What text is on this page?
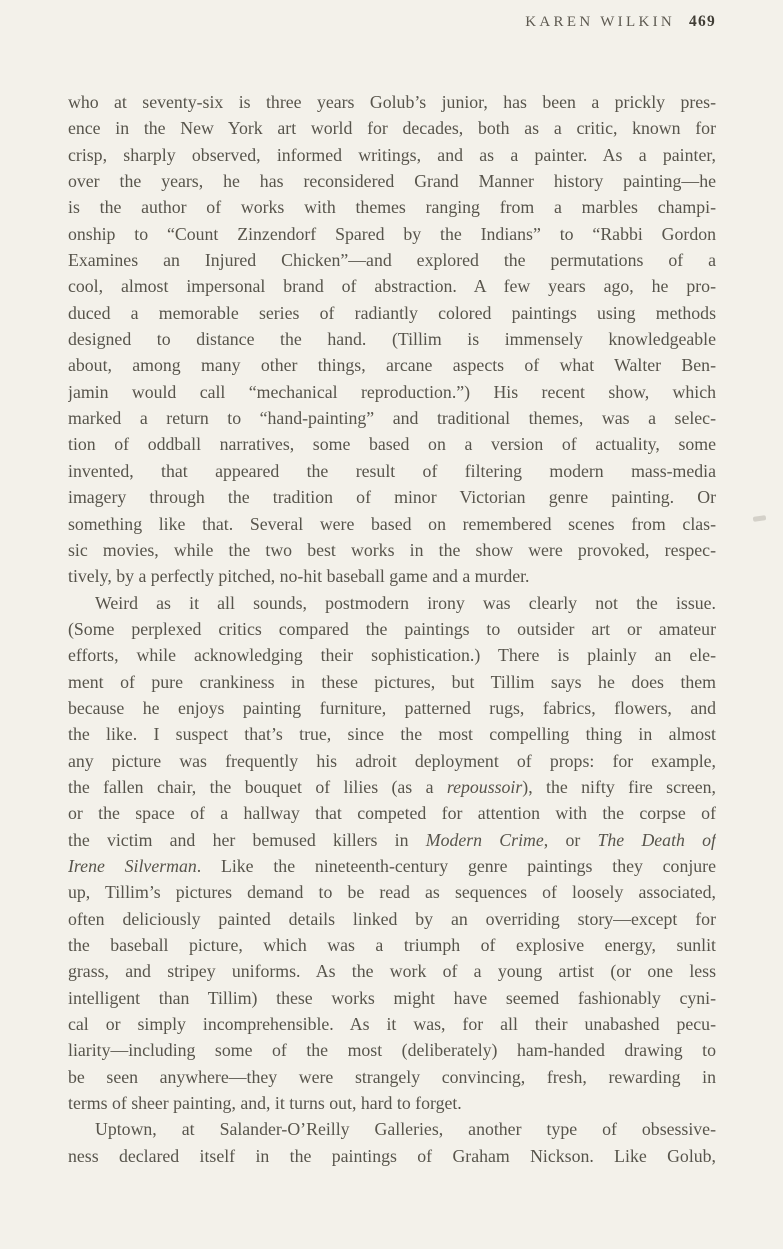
KAREN WILKIN 469
who at seventy-six is three years Golub’s junior, has been a prickly pres-
ence in the New York art world for decades, both as a critic, known for
crisp, sharply observed, informed writings, and as a painter. As a painter,
over the years, he has reconsidered Grand Manner history painting—he
is the author of works with themes ranging from a marbles champi-
onship to “Count Zinzendorf Spared by the Indians” to “Rabbi Gordon
Examines an Injured Chicken”—and explored the permutations of a
cool, almost impersonal brand of abstraction. A few years ago, he pro-
duced a memorable series of radiantly colored paintings using methods
designed to distance the hand. (Tillim is immensely knowledgeable
about, among many other things, arcane aspects of what Walter Ben-
jamin would call “mechanical reproduction.”) His recent show, which
marked a return to “hand-painting” and traditional themes, was a selec-
tion of oddball narratives, some based on a version of actuality, some
invented, that appeared the result of filtering modern mass-media
imagery through the tradition of minor Victorian genre painting. Or
something like that. Several were based on remembered scenes from clas-
sic movies, while the two best works in the show were provoked, respec-
tively, by a perfectly pitched, no-hit baseball game and a murder.
Weird as it all sounds, postmodern irony was clearly not the issue.
(Some perplexed critics compared the paintings to outsider art or amateur
efforts, while acknowledging their sophistication.) There is plainly an ele-
ment of pure crankiness in these pictures, but Tillim says he does them
because he enjoys painting furniture, patterned rugs, fabrics, flowers, and
the like. I suspect that’s true, since the most compelling thing in almost
any picture was frequently his adroit deployment of props: for example,
the fallen chair, the bouquet of lilies (as a repoussoir), the nifty fire screen,
or the space of a hallway that competed for attention with the corpse of
the victim and her bemused killers in Modern Crime, or The Death of
Irene Silverman. Like the nineteenth-century genre paintings they conjure
up, Tillim’s pictures demand to be read as sequences of loosely associated,
often deliciously painted details linked by an overriding story—except for
the baseball picture, which was a triumph of explosive energy, sunlit
grass, and stripey uniforms. As the work of a young artist (or one less
intelligent than Tillim) these works might have seemed fashionably cyni-
cal or simply incomprehensible. As it was, for all their unabashed pecu-
liarity—including some of the most (deliberately) ham-handed drawing to
be seen anywhere—they were strangely convincing, fresh, rewarding in
terms of sheer painting, and, it turns out, hard to forget.
Uptown, at Salander-O’Reilly Galleries, another type of obsessive-
ness declared itself in the paintings of Graham Nickson. Like Golub,
